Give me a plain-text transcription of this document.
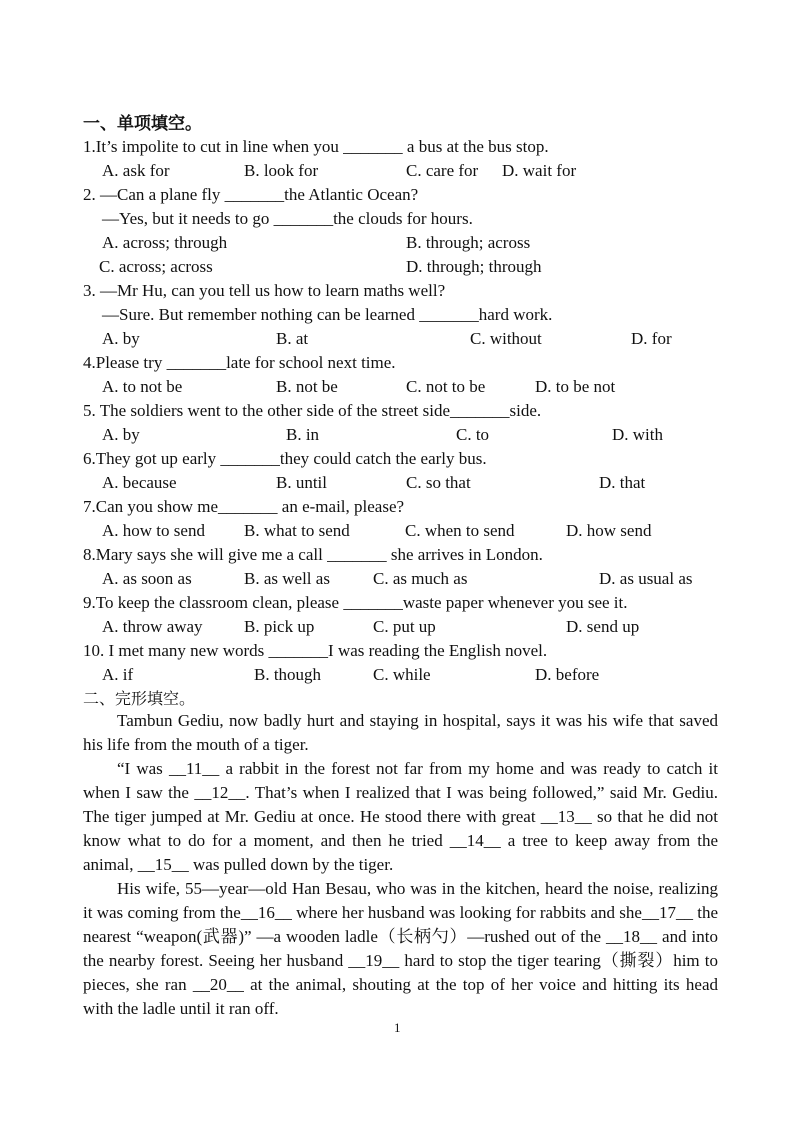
一、单项填空。
1.It’s impolite to cut in line when you _______ a bus at the bus stop.
A. ask for	B. look for	C. care for D. wait for
2. —Can a plane fly _______the Atlantic Ocean?
—Yes, but it needs to go _______the clouds for hours.
A. across; through	B. through; across
C. across; across	D. through; through
3. —Mr Hu, can you tell us how to learn maths well?
—Sure. But remember nothing can be learned _______hard work.
A. by	B. at	C. without	D. for
4.Please try _______late for school next time.
A. to not be	B. not be	C. not to be	D. to be not
5. The soldiers went to the other side of the street side_______side.
A. by	B. in	C. to	D. with
6.They got up early _______they could catch the early bus.
A. because	B. until	C. so that	D. that
7.Can you show me_______ an e-mail, please?
A. how to send B. what to send	C. when to send	D. how send
8.Mary says she will give me a call _______ she arrives in London.
A. as soon as	B. as well as	C. as much as	D. as usual as
9.To keep the classroom clean, please _______waste paper whenever you see it.
A. throw away B. pick up	C. put up	D. send up
10. I met many new words _______I was reading the English novel.
A. if	B. though	C. while	D. before
二、完形填空。
Tambun Gediu, now badly hurt and staying in hospital, says it was his wife that saved his life from the mouth of a tiger.
“I was __11__ a rabbit in the forest not far from my home and was ready to catch it when I saw the __12__. That’s when I realized that I was being followed,” said Mr. Gediu. The tiger jumped at Mr. Gediu at once. He stood there with great __13__ so that he did not know what to do for a moment, and then he tried __14__ a tree to keep away from the animal, __15__ was pulled down by the tiger.
His wife, 55—year—old Han Besau, who was in the kitchen, heard the noise, realizing it was coming from the__16__ where her husband was looking for rabbits and she__17__ the nearest “weapon(武器)” —a wooden ladle（长柄勺）—rushed out of the __18__ and into the nearby forest. Seeing her husband __19__ hard to stop the tiger tearing（撕裂）him to pieces, she ran __20__ at the animal, shouting at the top of her voice and hitting its head with the ladle until it ran off.
1
